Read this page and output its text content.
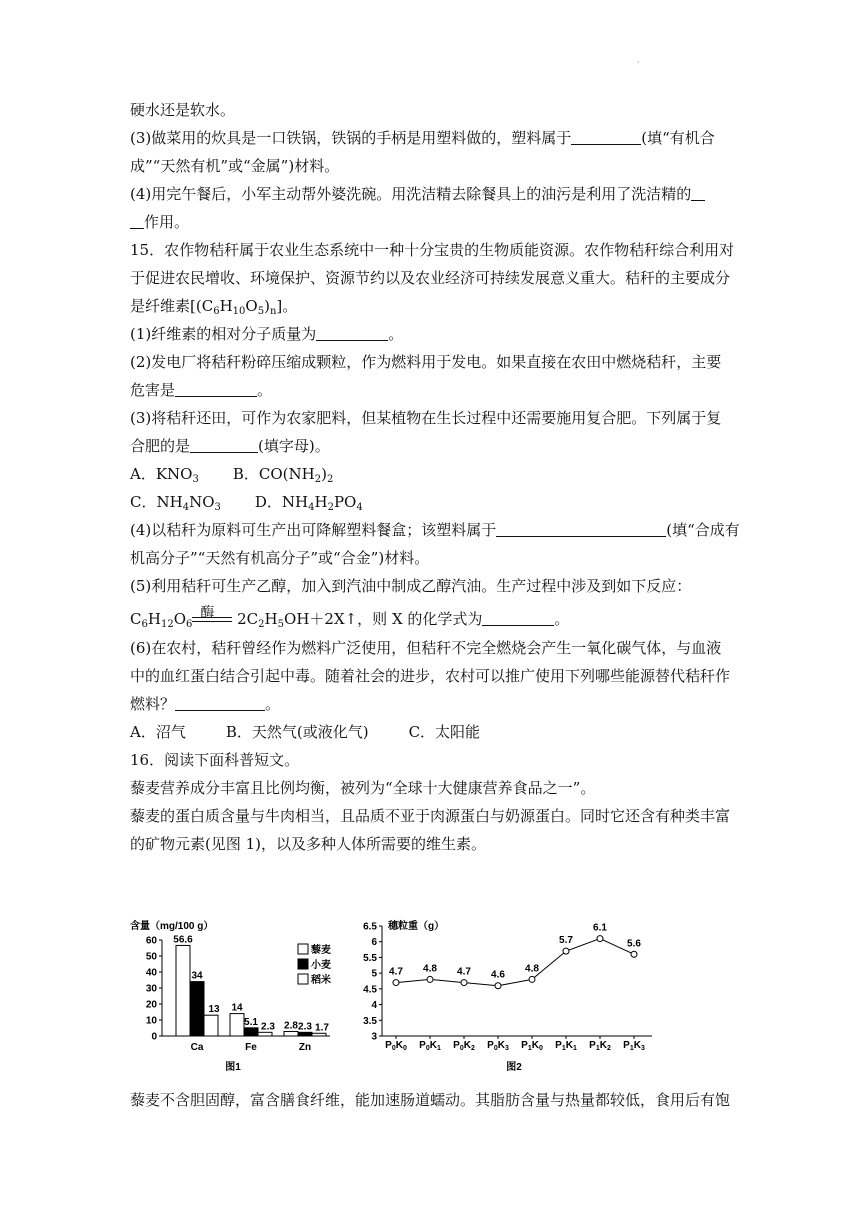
·
硬水还是软水。
(3)做菜用的炊具是一口铁锅，铁锅的手柄是用塑料做的，塑料属于	(填“有机合
成”“天然有机”或“金属”)材料。
(4)用完午餐后，小军主动帮外婆洗碗。用洗洁精去除餐具上的油污是利用了洗洁精的
作用。
15．农作物秸秆属于农业生态系统中一种十分宝贵的生物质能资源。农作物秸秆综合利用对
于促进农民增收、环境保护、资源节约以及农业经济可持续发展意义重大。秸秆的主要成分
是纤维素$[(C_6H_{10}O_5)_n]$。
(1)纤维素的相对分子质量为	。
(2)发电厂将秸秆粉碎压缩成颗粒，作为燃料用于发电。如果直接在农田中燃烧秸秆，主要
危害是	。
(3)将秸秆还田，可作为农家肥料，但某植物在生长过程中还需要施用复合肥。下列属于复
合肥的是	(填字母)。
A．$KNO_3$ B．$CO(NH_2)_2$
C．$NH_4NO_3$ D．$NH_4H_2PO_4$
(4)以秸秆为原料可生产出可降解塑料餐盒；该塑料属于	(填“合成有
机高分子”“天然有机高分子”或“合金”)材料。
(5)利用秸秆可生产乙醇，加入到汽油中制成乙醇汽油。生产过程中涉及到如下反应：
$C_6H_{12}O_6$
酶 $2C_2H_5OH+2X↑$，则 X 的化学式为	。
(6)在农村，秸秆曾经作为燃料广泛使用，但秸秆不完全燃烧会产生一氧化碳气体，与血液
中的血红蛋白结合引起中毒。随着社会的进步，农村可以推广使用下列哪些能源替代秸秆作
燃料？	。
A．沼气	B．天然气(或液化气)	C．太阳能
16．阅读下面科普短文。
藜麦营养成分丰富且比例均衡，被列为“全球十大健康营养食品之一”。
藜麦的蛋白质含量与牛肉相当，且品质不亚于肉源蛋白与奶源蛋白。同时它还含有种类丰富
的矿物元素(见图 1)，以及多种人体所需要的维生素。
含量（mg/100 g）
0
10
20
30
40
50
60 56.6
34
13
Ca
14
5.1 2.3
Fe
2.8 2.3 1.7
Zn
藜麦
小麦
稻米
图1
穗粒重（g）
3
3.5
4
4.5
5
5.5
6
6.5
4.7
$P_0K_0$
4.8
$P_0K_1$
4.7
$P_0K_2$
4.6
$P_0K_3$
4.8
$P_1K_0$
5.7
$P_1K_1$
6.1
$P_1K_2$
5.6
$P_1K_3$
图2
藜麦不含胆固醇，富含膳食纤维，能加速肠道蠕动。其脂肪含量与热量都较低，食用后有饱
